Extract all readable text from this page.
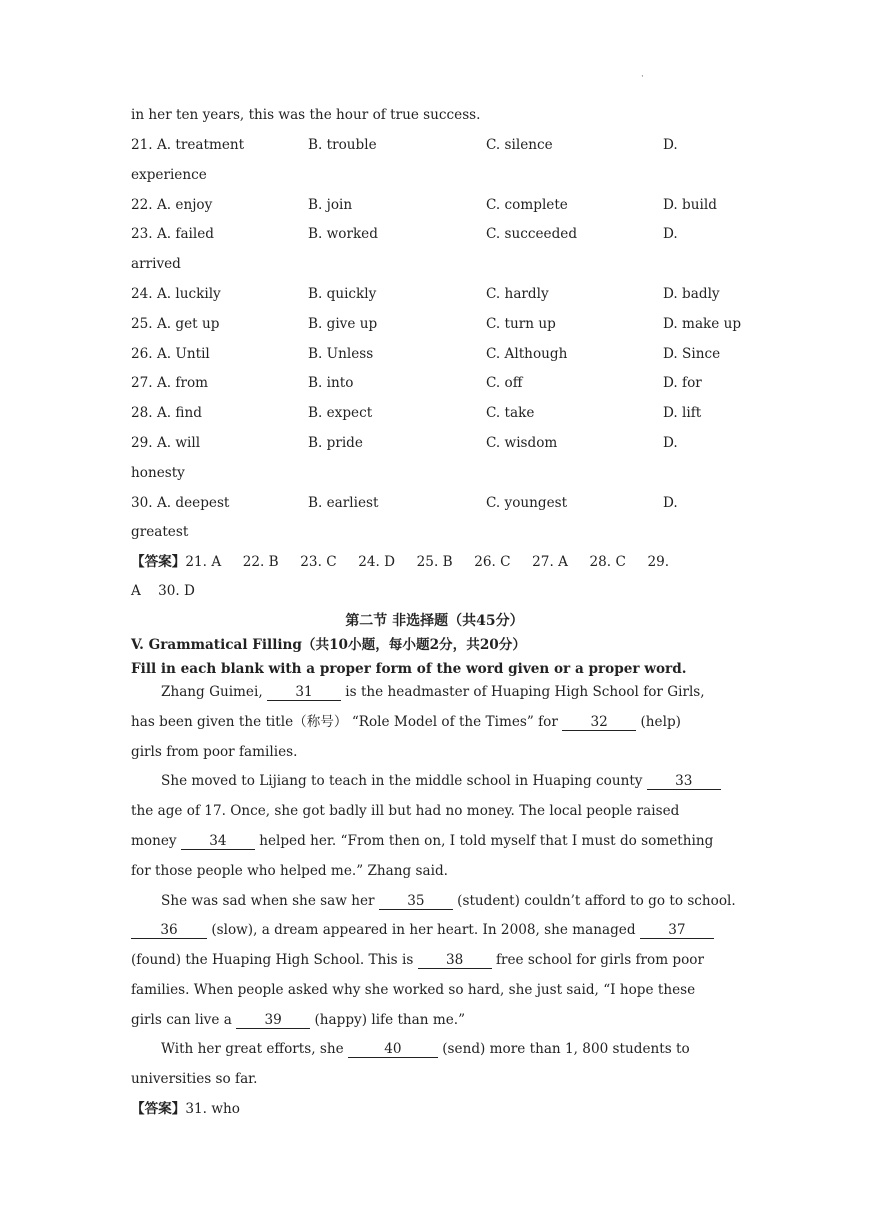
·
in her ten years, this was the hour of true success.
21. A. treatment	B. trouble	C. silence	D.
experience
22. A. enjoy	B. join	C. complete	D. build
23. A. failed	B. worked	C. succeeded	D.
arrived
24. A. luckily	B. quickly	C. hardly	D. badly
25. A. get up	B. give up	C. turn up	D. make up
26. A. Until	B. Unless	C. Although	D. Since
27. A. from	B. into	C. off	D. for
28. A. find	B. expect	C. take	D. lift
29. A. will	B. pride	C. wisdom	D.
honesty
30. A. deepest	B. earliest	C. youngest	D.
greatest
【答案】21. A     22. B     23. C     24. D     25. B     26. C     27. A     28. C     29.
A    30. D
第二节 非选择题（共45分）
V. Grammatical Filling（共10小题，每小题2分，共20分）
Fill in each blank with a proper form of the word given or a proper word.
Zhang Guimei, 31 is the headmaster of Huaping High School for Girls,
has been given the title（称号） “Role Model of the Times” for 32 (help)
girls from poor families.
She moved to Lijiang to teach in the middle school in Huaping county 33
the age of 17. Once, she got badly ill but had no money. The local people raised
money 34 helped her. “From then on, I told myself that I must do something
for those people who helped me.” Zhang said.
She was sad when she saw her 35 (student) couldn’t afford to go to school.
36 (slow), a dream appeared in her heart. In 2008, she managed 37
(found) the Huaping High School. This is 38 free school for girls from poor
families. When people asked why she worked so hard, she just said, “I hope these
girls can live a 39 (happy) life than me.”
With her great efforts, she	40	(send) more than 1, 800 students to
universities so far.
【答案】31. who
